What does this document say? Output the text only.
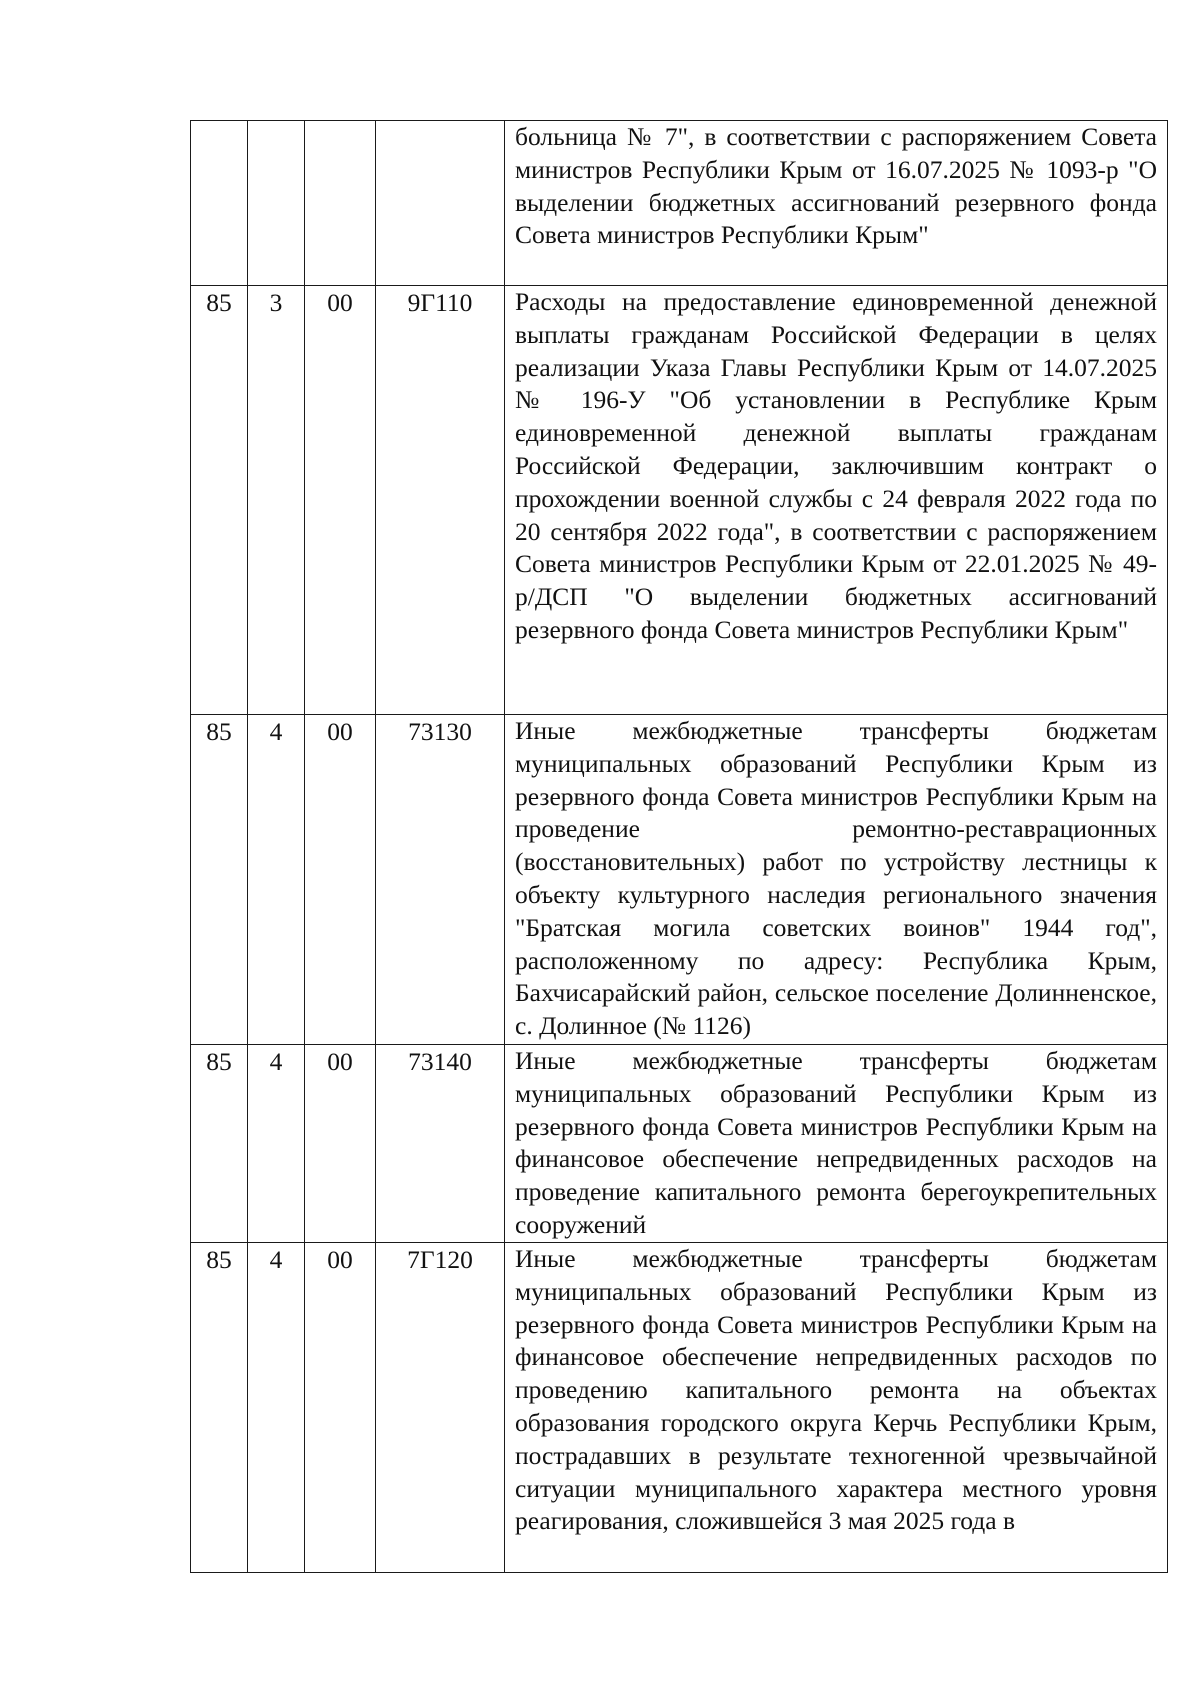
				больница № 7", в соответствии с распоряжением Совета министров Республики Крым от 16.07.2025 № 1093-р "О выделении бюджетных ассигнований резервного фонда Совета министров Республики Крым"

85	3	00	9Г110	Расходы на предоставление единовременной денежной выплаты гражданам Российской Федерации в целях реализации Указа Главы Республики Крым от 14.07.2025 № 196-У "Об установлении в Республике Крым единовременной денежной выплаты гражданам Российской Федерации, заключившим контракт о прохождении военной службы с 24 февраля 2022 года по 20 сентября 2022 года", в соответствии с распоряжением Совета министров Республики Крым от 22.01.2025 № 49-р/ДСП "О выделении бюджетных ассигнований резервного фонда Совета министров Республики Крым"

85	4	00	73130	Иные межбюджетные трансферты бюджетам муниципальных образований Республики Крым из резервного фонда Совета министров Республики Крым на проведение ремонтно-реставрационных (восстановительных) работ по устройству лестницы к объекту культурного наследия регионального значения "Братская могила советских воинов" 1944 год", расположенному по адресу: Республика Крым, Бахчисарайский район, сельское поселение Долинненское, с. Долинное (№ 1126)

85	4	00	73140	Иные межбюджетные трансферты бюджетам муниципальных образований Республики Крым из резервного фонда Совета министров Республики Крым на финансовое обеспечение непредвиденных расходов на проведение капитального ремонта берегоукрепительных сооружений

85	4	00	7Г120	Иные межбюджетные трансферты бюджетам муниципальных образований Республики Крым из резервного фонда Совета министров Республики Крым на финансовое обеспечение непредвиденных расходов по проведению капитального ремонта на объектах образования городского округа Керчь Республики Крым, пострадавших в результате техногенной чрезвычайной ситуации муниципального характера местного уровня реагирования, сложившейся 3 мая 2025 года в
